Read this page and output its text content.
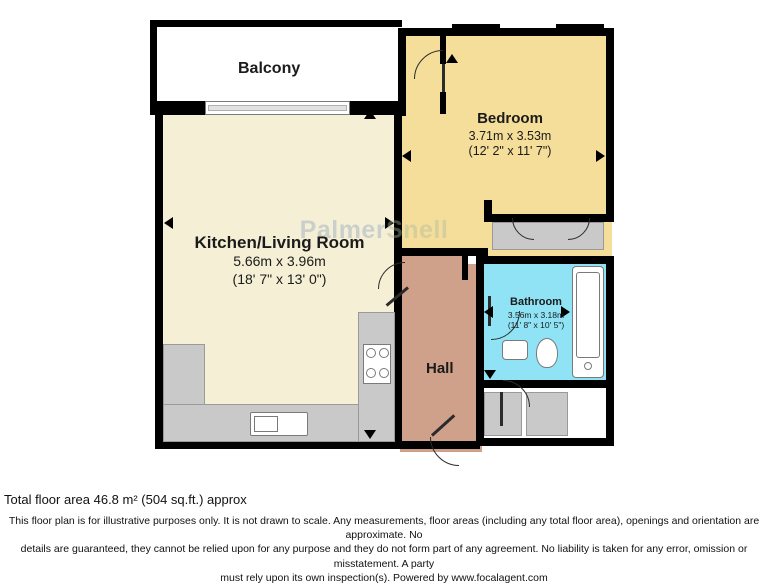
Palmer Snell
Balcony
Kitchen/Living Room
5.66m x 3.96m
(18' 7" x 13' 0")
Bedroom
3.71m x 3.53m
(12' 2" x 11' 7")
Bathroom
3.56m x 3.18m
(11' 8" x 10' 5")
Hall
Total floor area 46.8 m² (504 sq.ft.) approx
This floor plan is for illustrative purposes only. It is not drawn to scale. Any measurements, floor areas (including any total floor area), openings and orientation are approximate. No
details are guaranteed, they cannot be relied upon for any purpose and they do not form part of any agreement. No liability is taken for any error, omission or misstatement. A party
must rely upon its own inspection(s). Powered by www.focalagent.com
